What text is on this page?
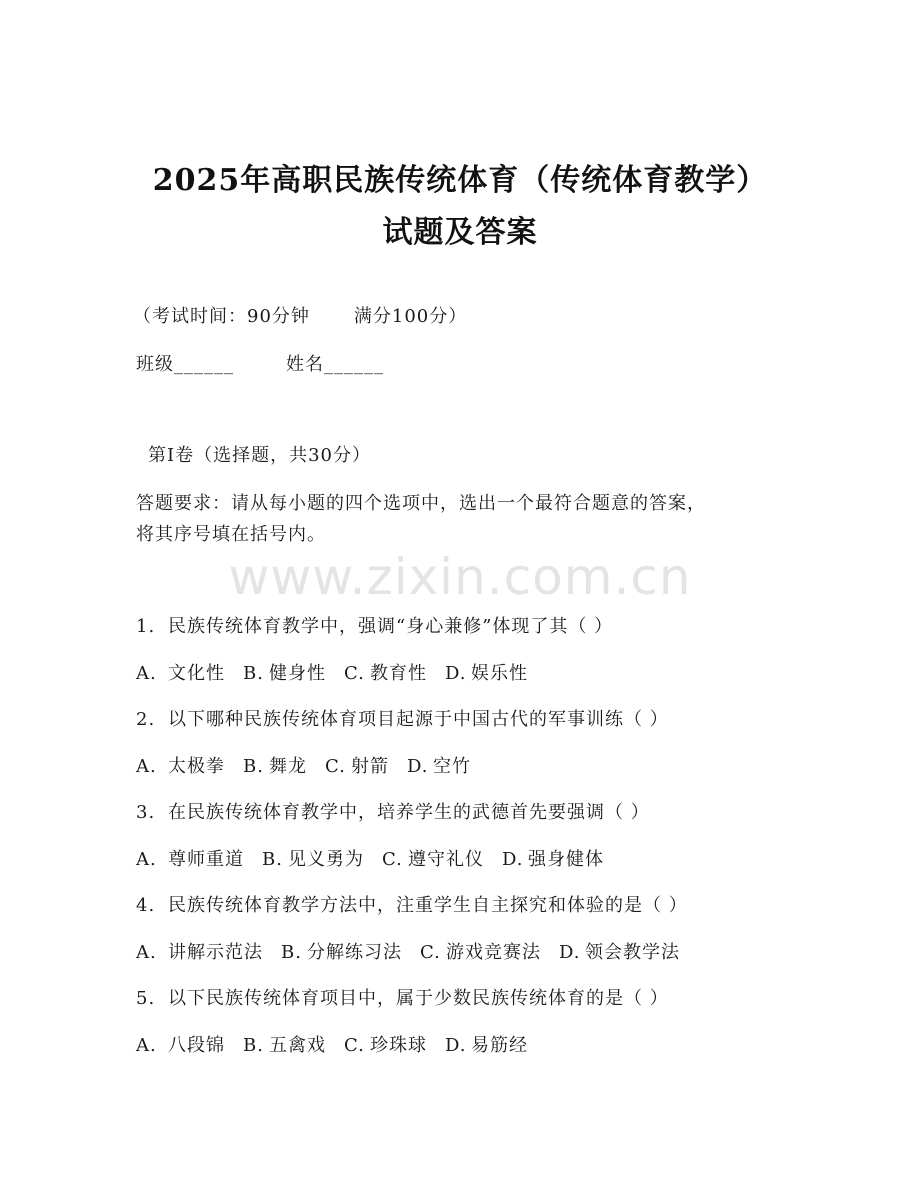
2025年高职民族传统体育（传统体育教学）
试题及答案
（考试时间：90分钟 满分100分）
班级______	姓名______
第Ⅰ卷（选择题，共30分）
答题要求：请从每小题的四个选项中，选出一个最符合题意的答案，
将其序号填在括号内。
www.zixin.com.cn
1. 民族传统体育教学中，强调“身心兼修”体现了其（ ）
A. 文化性 B. 健身性 C. 教育性 D. 娱乐性
2. 以下哪种民族传统体育项目起源于中国古代的军事训练（ ）
A. 太极拳 B. 舞龙 C. 射箭 D. 空竹
3. 在民族传统体育教学中，培养学生的武德首先要强调（ ）
A. 尊师重道 B. 见义勇为 C. 遵守礼仪 D. 强身健体
4. 民族传统体育教学方法中，注重学生自主探究和体验的是（ ）
A. 讲解示范法 B. 分解练习法 C. 游戏竞赛法 D. 领会教学法
5. 以下民族传统体育项目中，属于少数民族传统体育的是（ ）
A. 八段锦 B. 五禽戏 C. 珍珠球 D. 易筋经
